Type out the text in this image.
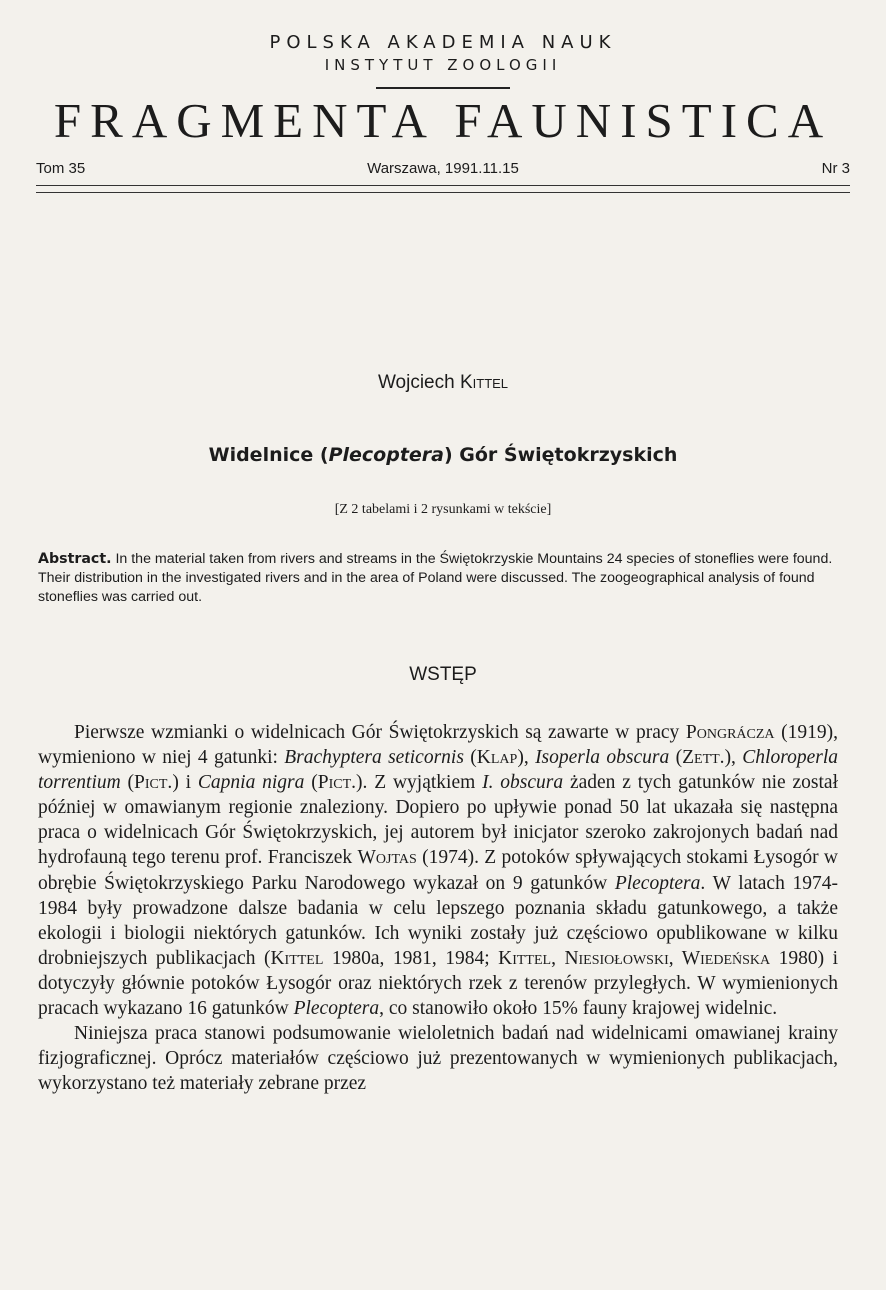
POLSKA AKADEMIA NAUK
INSTYTUT ZOOLOGII
FRAGMENTA FAUNISTICA
Tom 35	Warszawa, 1991.11.15	Nr 3
Wojciech Kittel
Widelnice (Plecoptera) Gór Świętokrzyskich
[Z 2 tabelami i 2 rysunkami w tekście]
Abstract. In the material taken from rivers and streams in the Świętokrzyskie Mountains 24 species of stoneflies were found. Their distribution in the investigated rivers and in the area of Poland were discussed. The zoogeographical analysis of found stoneflies was carried out.
WSTĘP

Pierwsze wzmianki o widelnicach Gór Świętokrzyskich są zawarte w pracy Pongrácza (1919), wymieniono w niej 4 gatunki: Brachyptera seticornis (Klap), Isoperla obscura (Zett.), Chloroperla torrentium (Pict.) i Capnia nigra (Pict.). Z wyjątkiem I. obscura żaden z tych gatunków nie został później w omawianym regionie znaleziony. Dopiero po upływie ponad 50 lat ukazała się następna praca o widelnicach Gór Świętokrzyskich, jej autorem był inicjator szeroko zakrojonych badań nad hydrofauną tego terenu prof. Franciszek Wojtas (1974). Z potoków spływających stokami Łysogór w obrębie Świętokrzyskiego Parku Narodowego wykazał on 9 gatunków Plecoptera. W latach 1974-1984 były prowadzone dalsze badania w celu lepszego poznania składu gatunkowego, a także ekologii i biologii niektórych gatunków. Ich wyniki zostały już częściowo opublikowane w kilku drobniejszych publikacjach (Kittel 1980a, 1981, 1984; Kittel, Niesiołowski, Wiedeńska 1980) i dotyczyły głównie potoków Łysogór oraz niektórych rzek z terenów przyległych. W wymienionych pracach wykazano 16 gatunków Plecoptera, co stanowiło około 15% fauny krajowej widelnic.

Niniejsza praca stanowi podsumowanie wieloletnich badań nad widelnicami omawianej krainy fizjograficznej. Oprócz materiałów częściowo już prezentowanych w wymienionych publikacjach, wykorzystano też materiały zebrane przez
